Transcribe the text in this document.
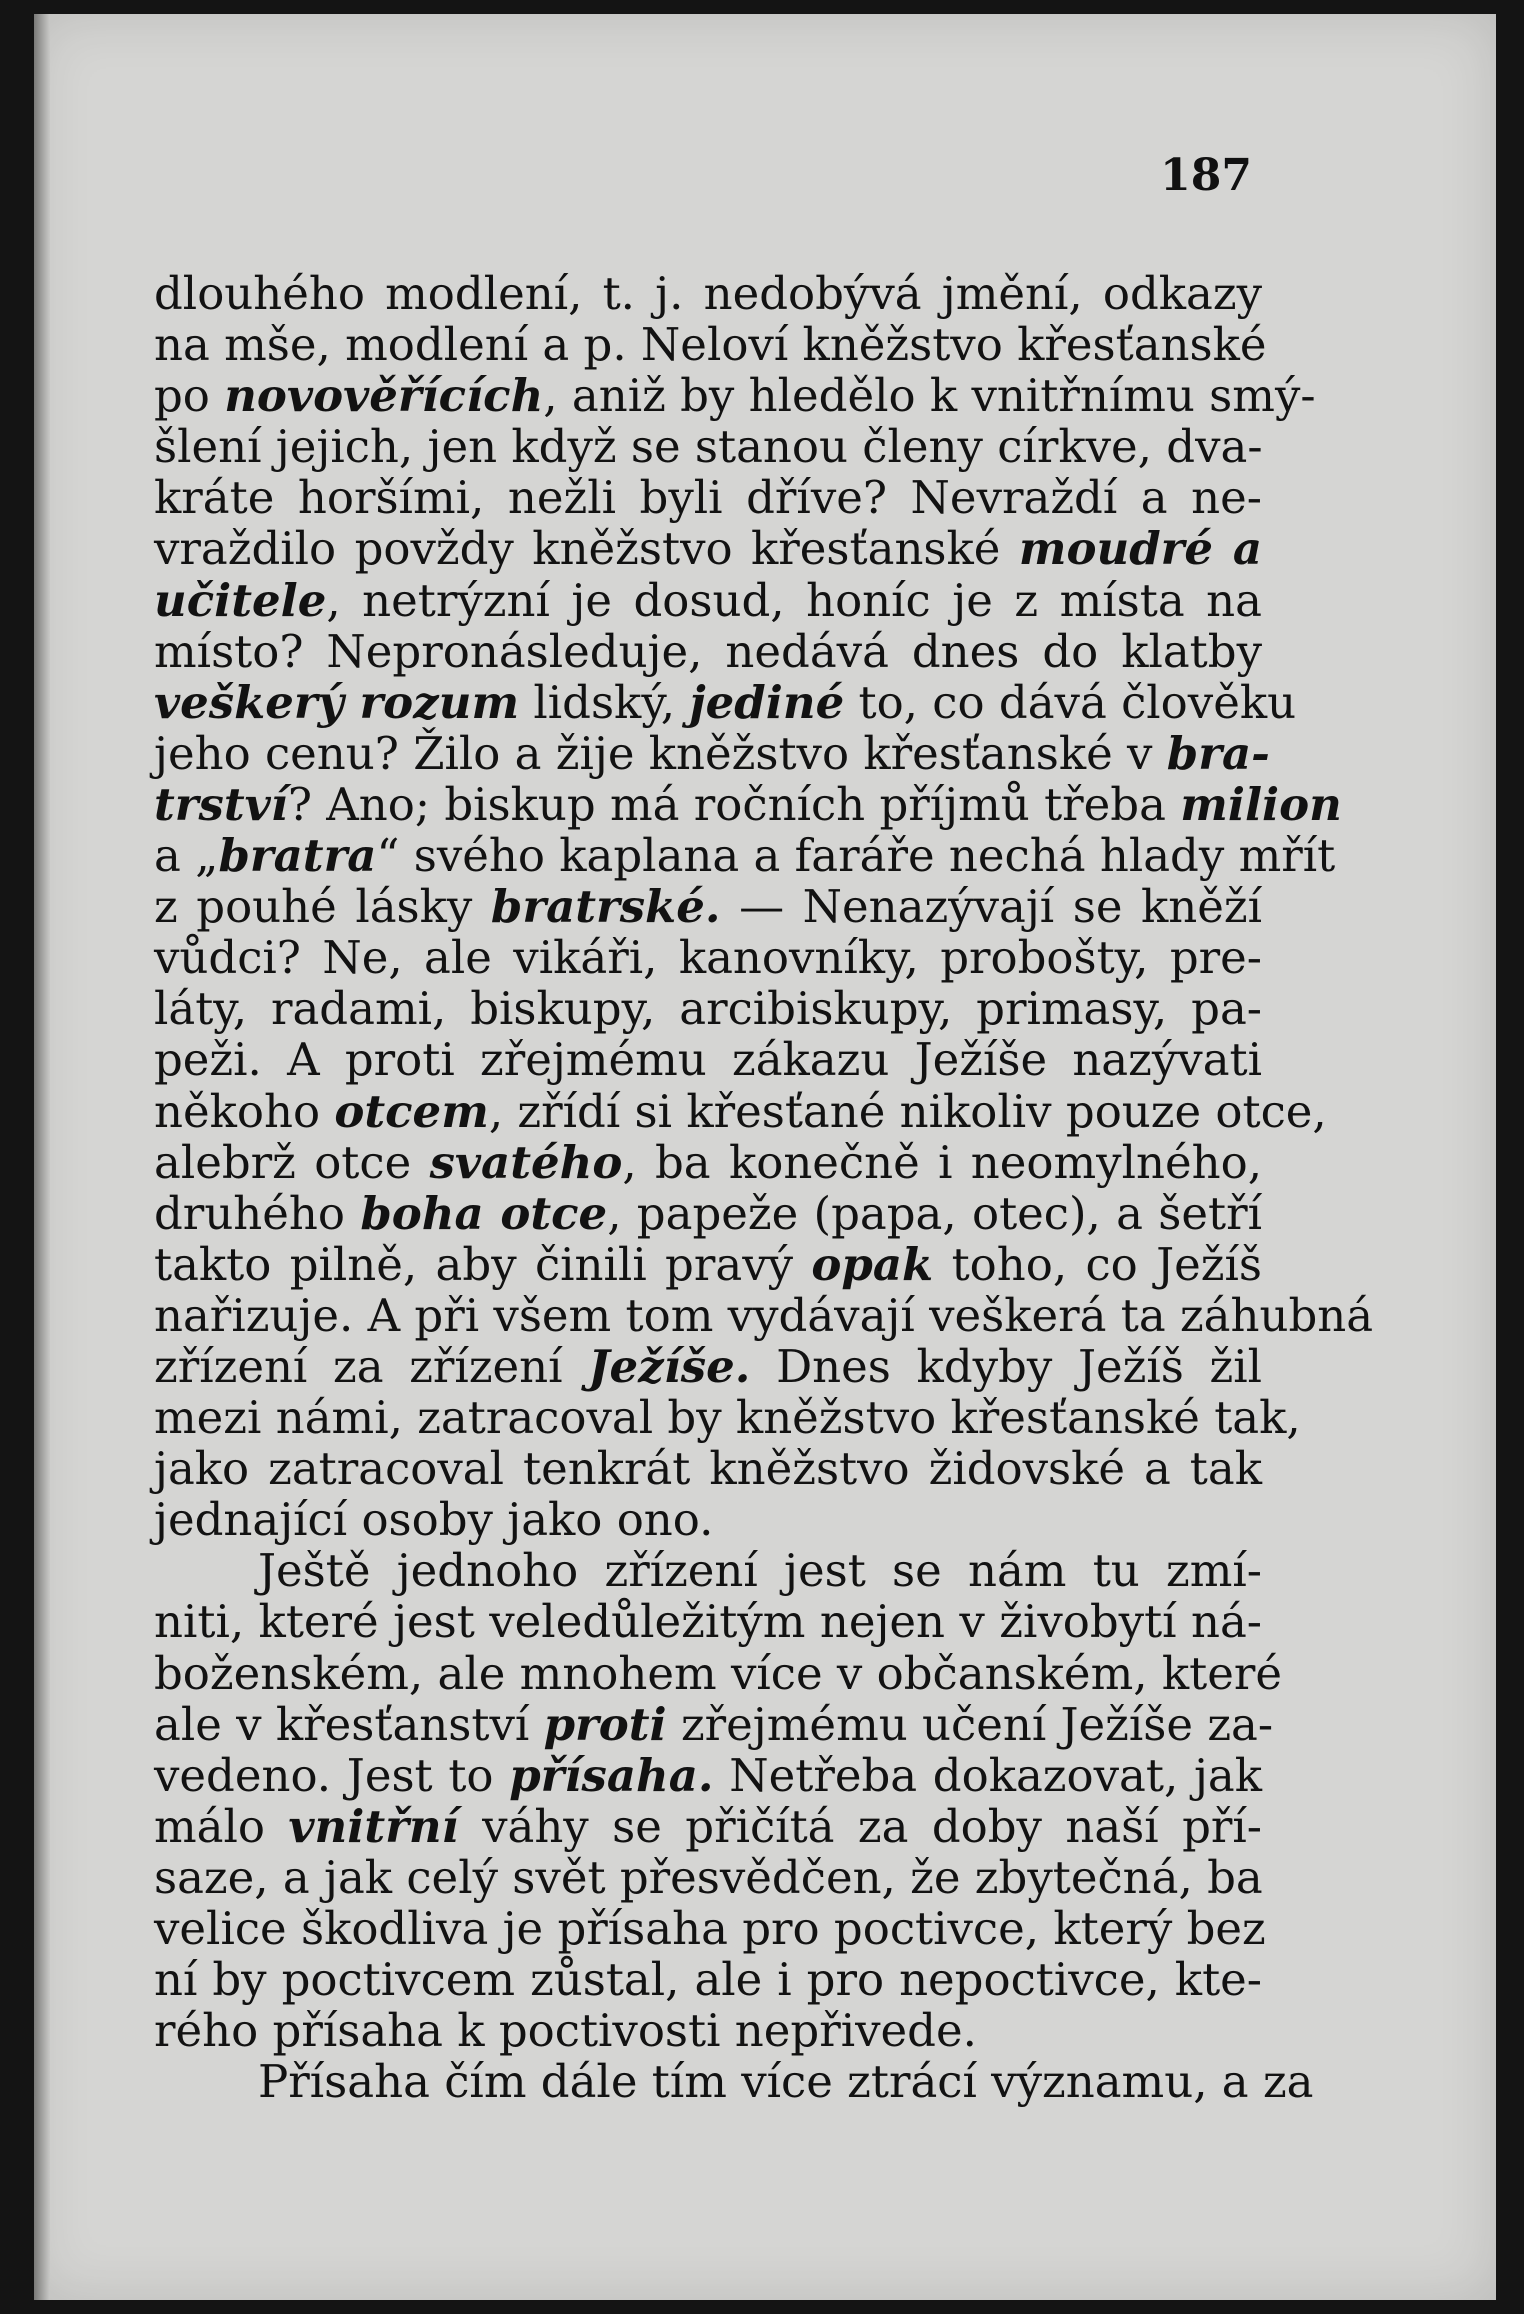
187
dlouhého modlení, t. j. nedobývá jmění, odkazy
na mše, modlení a p. Neloví kněžstvo křesťanské
po novověřících, aniž by hledělo k vnitřnímu smý-
šlení jejich, jen když se stanou členy církve, dva-
kráte horšími, nežli byli dříve? Nevraždí a ne-
vraždilo povždy kněžstvo křesťanské moudré a
učitele, netrýzní je dosud, honíc je z místa na
místo? Nepronásleduje, nedává dnes do klatby
veškerý rozum lidský, jediné to, co dává člověku
jeho cenu? Žilo a žije kněžstvo křesťanské v bra-
trství? Ano; biskup má ročních příjmů třeba milion
a „bratra“ svého kaplana a faráře nechá hlady mřít
z pouhé lásky bratrské. — Nenazývají se kněží
vůdci? Ne, ale vikáři, kanovníky, probošty, pre-
láty, radami, biskupy, arcibiskupy, primasy, pa-
peži. A proti zřejmému zákazu Ježíše nazývati
někoho otcem, zřídí si křesťané nikoliv pouze otce,
alebrž otce svatého, ba konečně i neomylného,
druhého boha otce, papeže (papa, otec), a šetří
takto pilně, aby činili pravý opak toho, co Ježíš
nařizuje. A při všem tom vydávají veškerá ta záhubná
zřízení za zřízení Ježíše. Dnes kdyby Ježíš žil
mezi námi, zatracoval by kněžstvo křesťanské tak,
jako zatracoval tenkrát kněžstvo židovské a tak
jednající osoby jako ono.
Ještě jednoho zřízení jest se nám tu zmí-
niti, které jest veledůležitým nejen v živobytí ná-
boženském, ale mnohem více v občanském, které
ale v křesťanství proti zřejmému učení Ježíše za-
vedeno. Jest to přísaha. Netřeba dokazovat, jak
málo vnitřní váhy se přičítá za doby naší pří-
saze, a jak celý svět přesvědčen, že zbytečná, ba
velice škodliva je přísaha pro poctivce, který bez
ní by poctivcem zůstal, ale i pro nepoctivce, kte-
rého přísaha k poctivosti nepřivede.
Přísaha čím dále tím více ztrácí významu, a za
